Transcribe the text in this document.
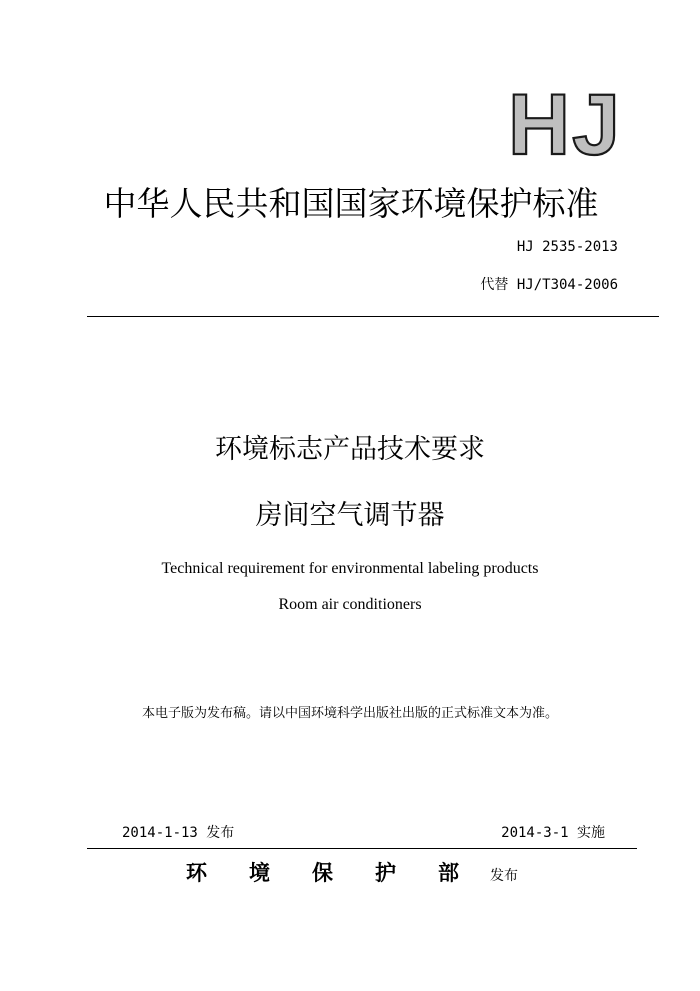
HJ
中华人民共和国国家环境保护标准
HJ 2535-2013
代替 HJ/T304-2006
环境标志产品技术要求
房间空气调节器
Technical requirement for environmental labeling products
Room air conditioners
本电子版为发布稿。请以中国环境科学出版社出版的正式标准文本为准。
2014-1-13 发布	2014-3-1 实施
环	境	保	护	部	发布
